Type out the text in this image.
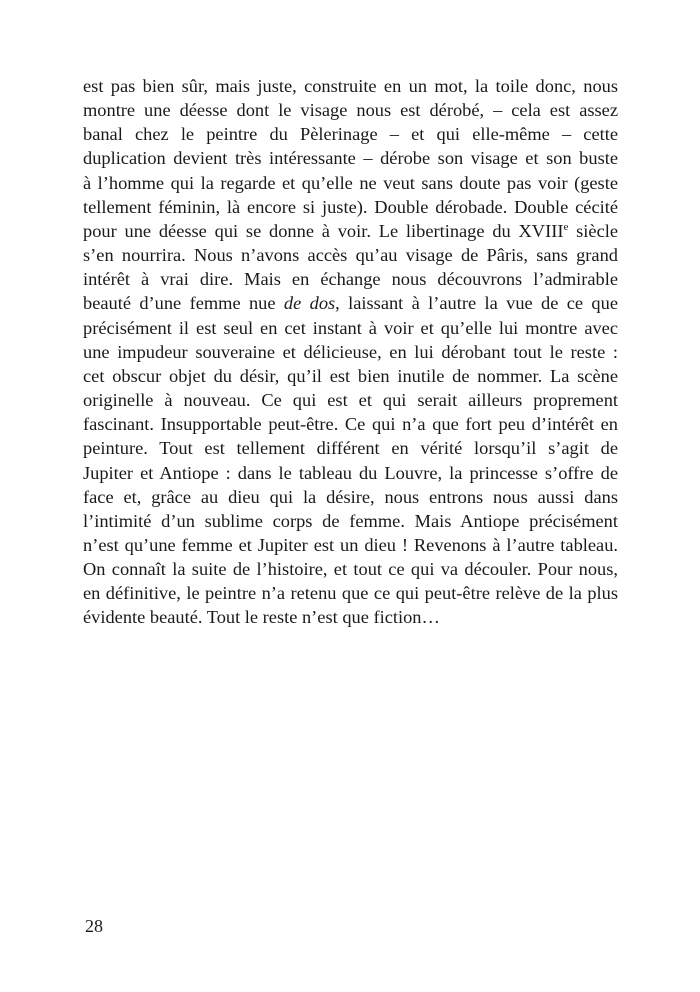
est pas bien sûr, mais juste, construite en un mot, la toile donc, nous
montre une déesse dont le visage nous est dérobé, – cela est assez
banal chez le peintre du Pèlerinage – et qui elle-même – cette
duplication devient très intéressante – dérobe son visage et son buste
à l’homme qui la regarde et qu’elle ne veut sans doute pas voir (geste
tellement féminin, là encore si juste). Double dérobade. Double cécité
pour une déesse qui se donne à voir. Le libertinage du XVIIIe siècle
s’en nourrira. Nous n’avons accès qu’au visage de Pâris, sans grand
intérêt à vrai dire. Mais en échange nous découvrons l’admirable
beauté d’une femme nue de dos, laissant à l’autre la vue de ce que
précisément il est seul en cet instant à voir et qu’elle lui montre avec
une impudeur souveraine et délicieuse, en lui dérobant tout le reste :
cet obscur objet du désir, qu’il est bien inutile de nommer. La scène
originelle à nouveau. Ce qui est et qui serait ailleurs proprement
fascinant. Insupportable peut-être. Ce qui n’a que fort peu d’intérêt en
peinture. Tout est tellement différent en vérité lorsqu’il s’agit de
Jupiter et Antiope : dans le tableau du Louvre, la princesse s’offre de
face et, grâce au dieu qui la désire, nous entrons nous aussi dans
l’intimité d’un sublime corps de femme. Mais Antiope précisément
n’est qu’une femme et Jupiter est un dieu ! Revenons à l’autre tableau.
On connaît la suite de l’histoire, et tout ce qui va découler. Pour nous,
en définitive, le peintre n’a retenu que ce qui peut-être relève de la plus
évidente beauté. Tout le reste n’est que fiction…
28
